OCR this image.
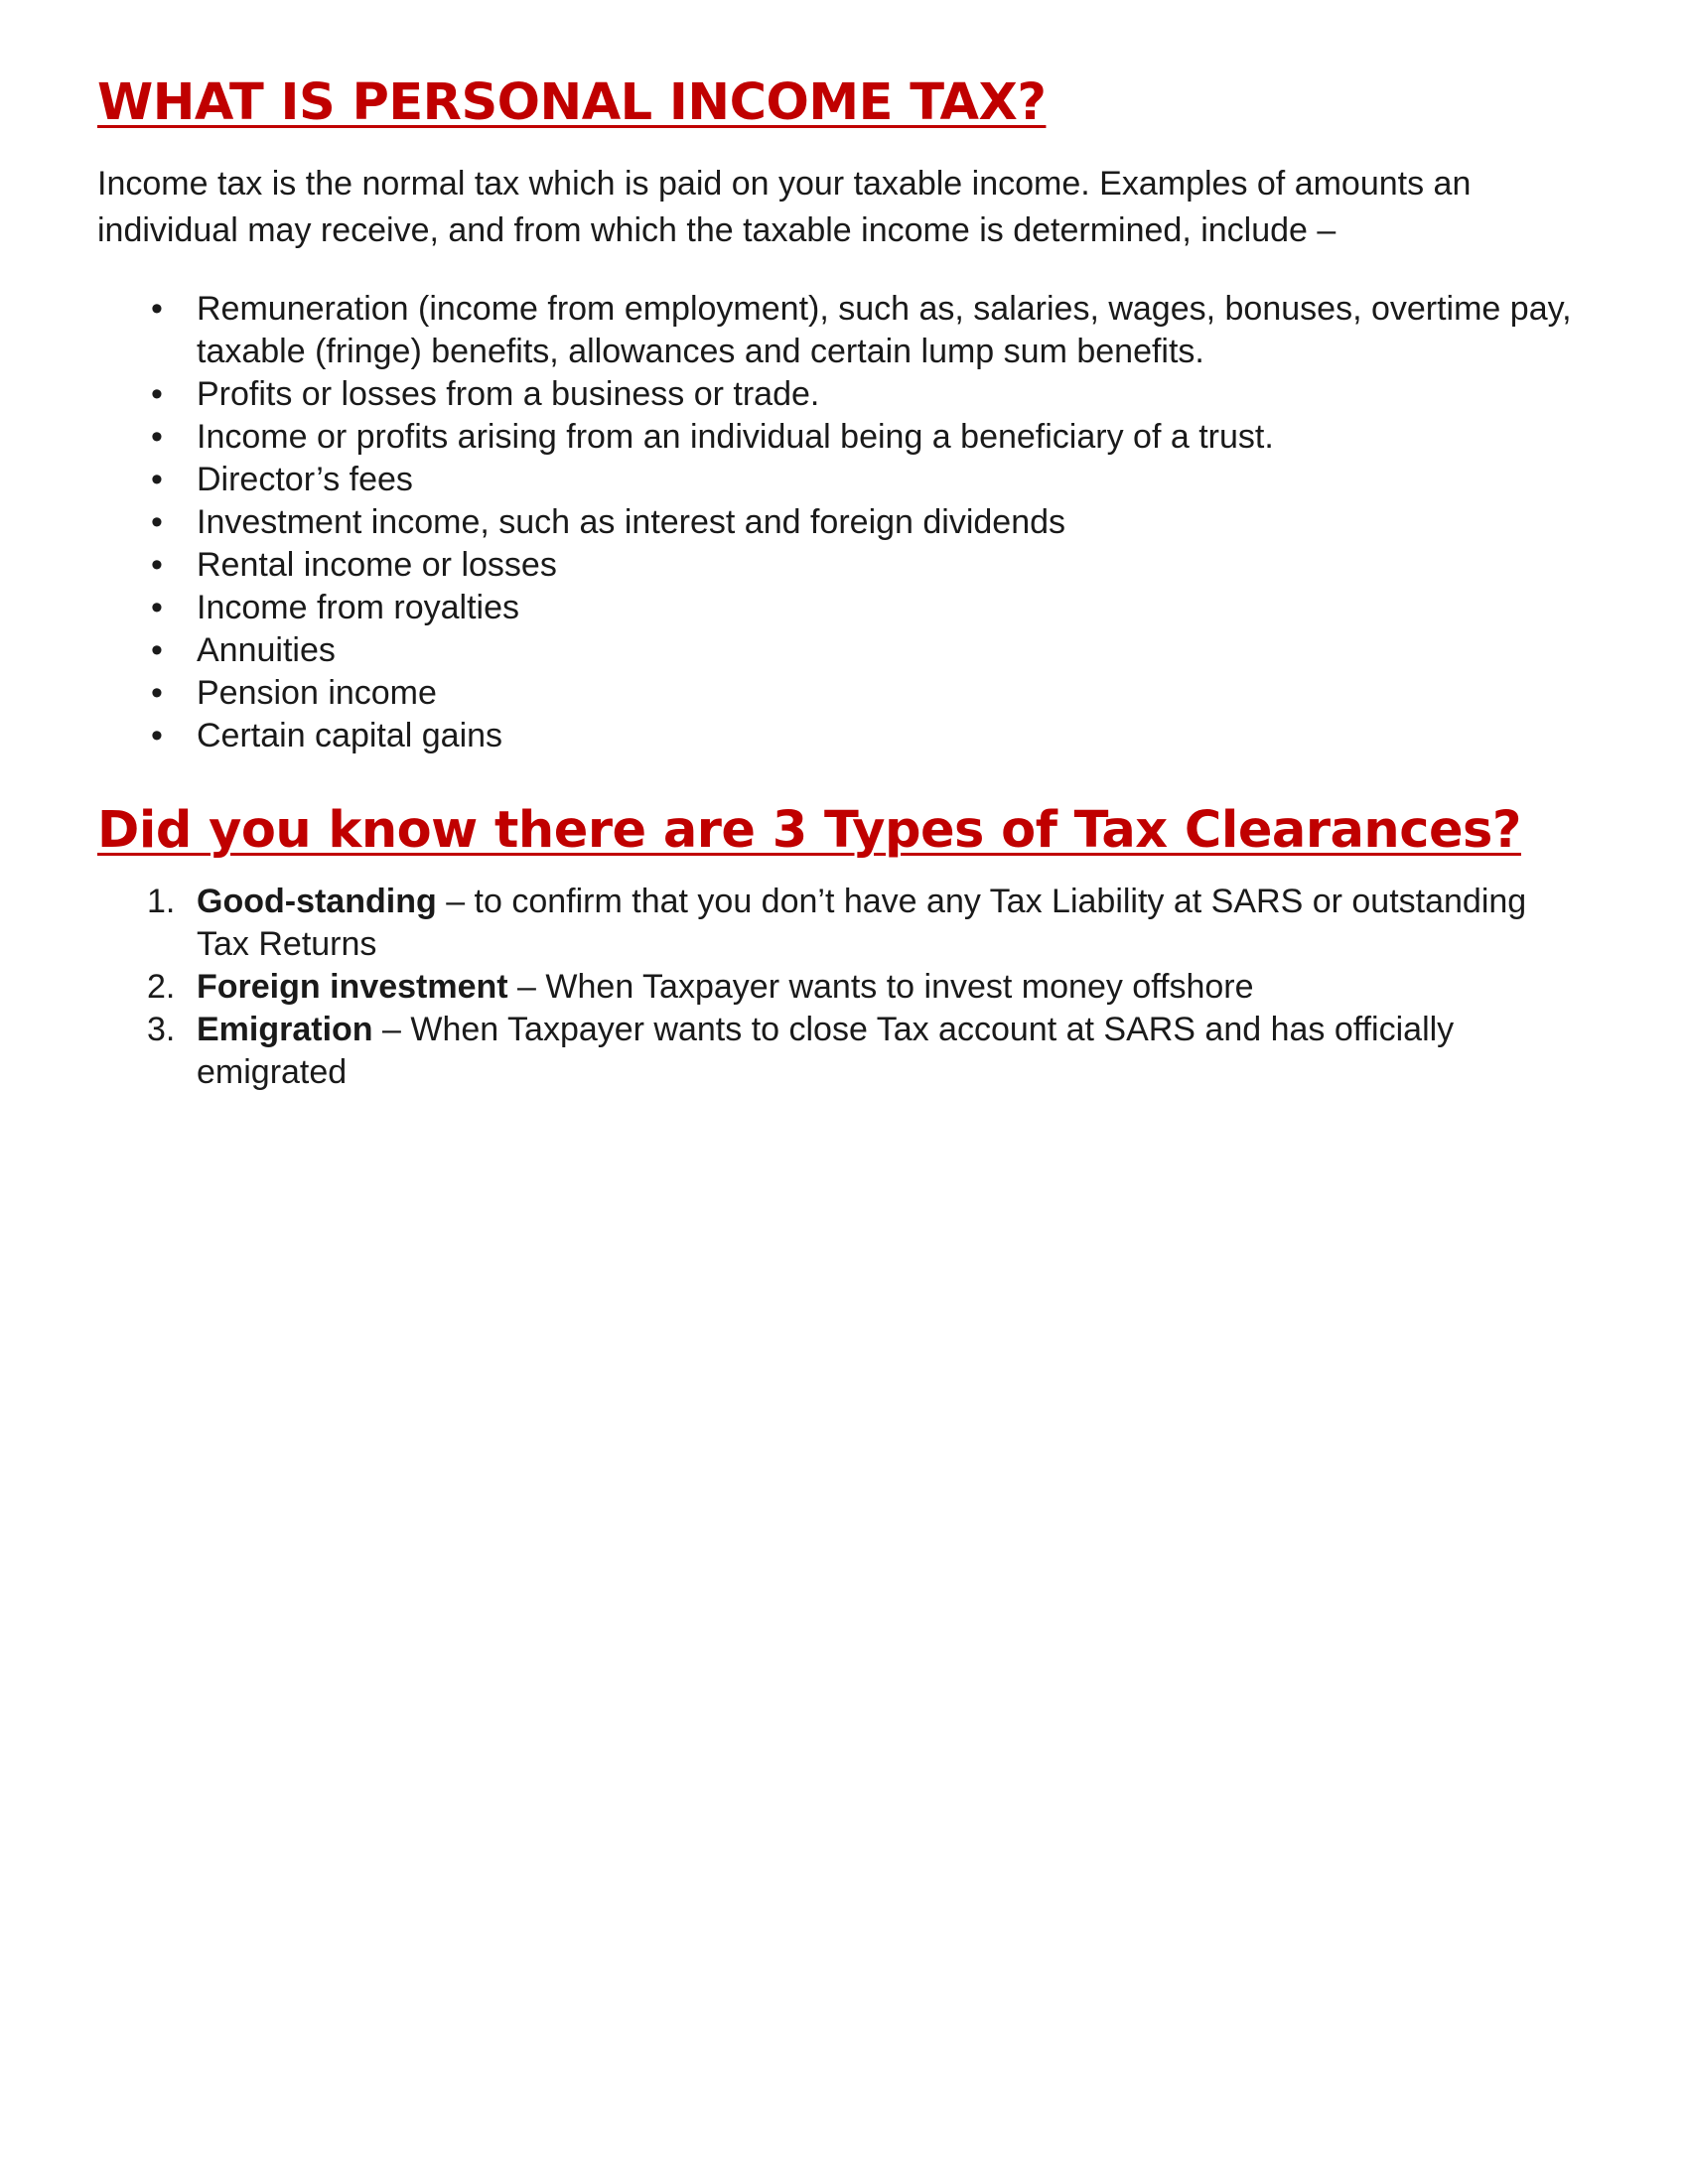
WHAT IS PERSONAL INCOME TAX?

Income tax is the normal tax which is paid on your taxable income. Examples of amounts an individual may receive, and from which the taxable income is determined, include –

• Remuneration (income from employment), such as, salaries, wages, bonuses, overtime pay, taxable (fringe) benefits, allowances and certain lump sum benefits.
• Profits or losses from a business or trade.
• Income or profits arising from an individual being a beneficiary of a trust.
• Director’s fees
• Investment income, such as interest and foreign dividends
• Rental income or losses
• Income from royalties
• Annuities
• Pension income
• Certain capital gains
Did you know there are 3 Types of Tax Clearances?
1. Good-standing – to confirm that you don’t have any Tax Liability at SARS or outstanding Tax Returns
2. Foreign investment – When Taxpayer wants to invest money offshore
3. Emigration – When Taxpayer wants to close Tax account at SARS and has officially emigrated
